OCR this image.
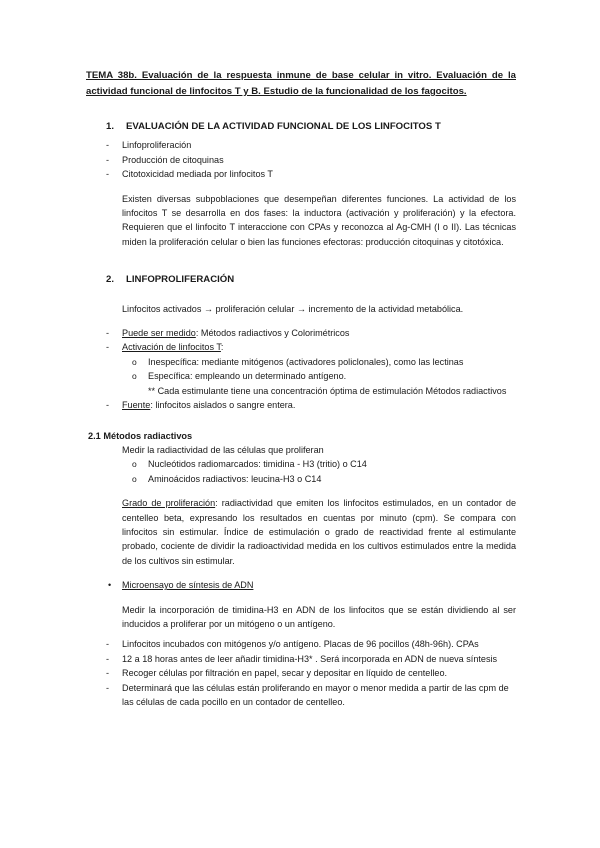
TEMA 38b. Evaluación de la respuesta inmune de base celular in vitro. Evaluación de la actividad funcional de linfocitos T y B. Estudio de la funcionalidad de los fagocitos.
1. EVALUACIÓN DE LA ACTIVIDAD FUNCIONAL DE LOS LINFOCITOS T
- Linfoproliferación
- Producción de citoquinas
- Citotoxicidad mediada por linfocitos T

Existen diversas subpoblaciones que desempeñan diferentes funciones. La actividad de los linfocitos T se desarrolla en dos fases: la inductora (activación y proliferación) y la efectora. Requieren que el linfocito T interaccione con CPAs y reconozca al Ag-CMH (I o II). Las técnicas miden la proliferación celular o bien las funciones efectoras: producción citoquinas y citotóxica.

2. LINFOPROLIFERACIÓN

Linfocitos activados → proliferación celular → incremento de la actividad metabólica.

- Puede ser medido: Métodos radiactivos y Colorimétricos
- Activación de linfocitos T:
o Inespecífica: mediante mitógenos (activadores policlonales), como las lectinas
o Específica: empleando un determinado antígeno.

** Cada estimulante tiene una concentración óptima de estimulación Métodos radiactivos

- Fuente: linfocitos aislados o sangre entera.
2.1 Métodos radiactivos

Medir la radiactividad de las células que proliferan

o Nucleótidos radiomarcados: timidina - H3 (tritio) o C14
o Aminoácidos radiactivos: leucina-H3 o C14

Grado de proliferación: radiactividad que emiten los linfocitos estimulados, en un contador de centelleo beta, expresando los resultados en cuentas por minuto (cpm). Se compara con linfocitos sin estimular. Índice de estimulación o grado de reactividad frente al estimulante probado, cociente de dividir la radioactividad medida en los cultivos estimulados entre la medida de los cultivos sin estimular.

• Microensayo de síntesis de ADN

Medir la incorporación de timidina-H3 en ADN de los linfocitos que se están dividiendo al ser inducidos a proliferar por un mitógeno o un antígeno.

- Linfocitos incubados con mitógenos y/o antígeno. Placas de 96 pocillos (48h-96h). CPAs
- 12 a 18 horas antes de leer añadir timidina-H3* . Será incorporada en ADN de nueva síntesis
- Recoger células por filtración en papel, secar y depositar en líquido de centelleo.
- Determinará que las células están proliferando en mayor o menor medida a partir de las cpm de las células de cada pocillo en un contador de centelleo.
